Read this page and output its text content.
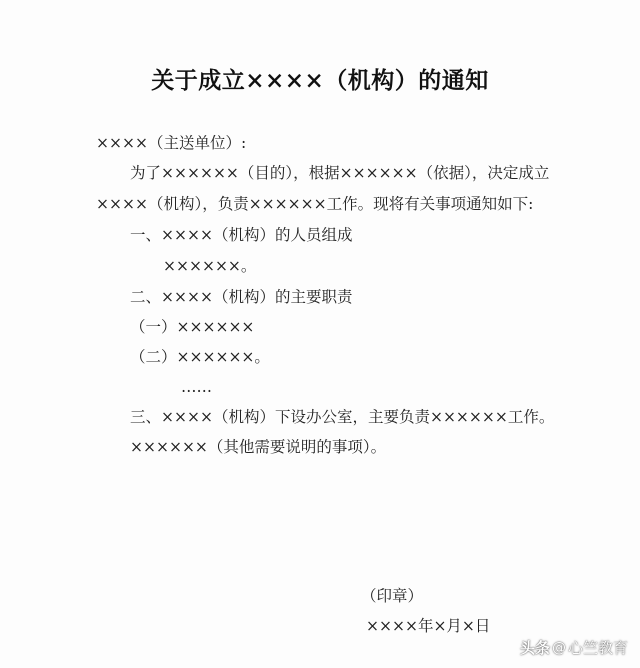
关于成立××××（机构）的通知
××××（主送单位）:
为了××××××（目的），根据××××××（依据），决定成立
××××（机构），负责××××××工作。现将有关事项通知如下:
一、××××（机构）的人员组成
××××××。
二、××××（机构）的主要职责
（一）××××××
（二）××××××。
……
三、××××（机构）下设办公室，主要负责××××××工作。
××××××（其他需要说明的事项）。
（印章）
××××年×月×日
头条 @ 心竺教育
